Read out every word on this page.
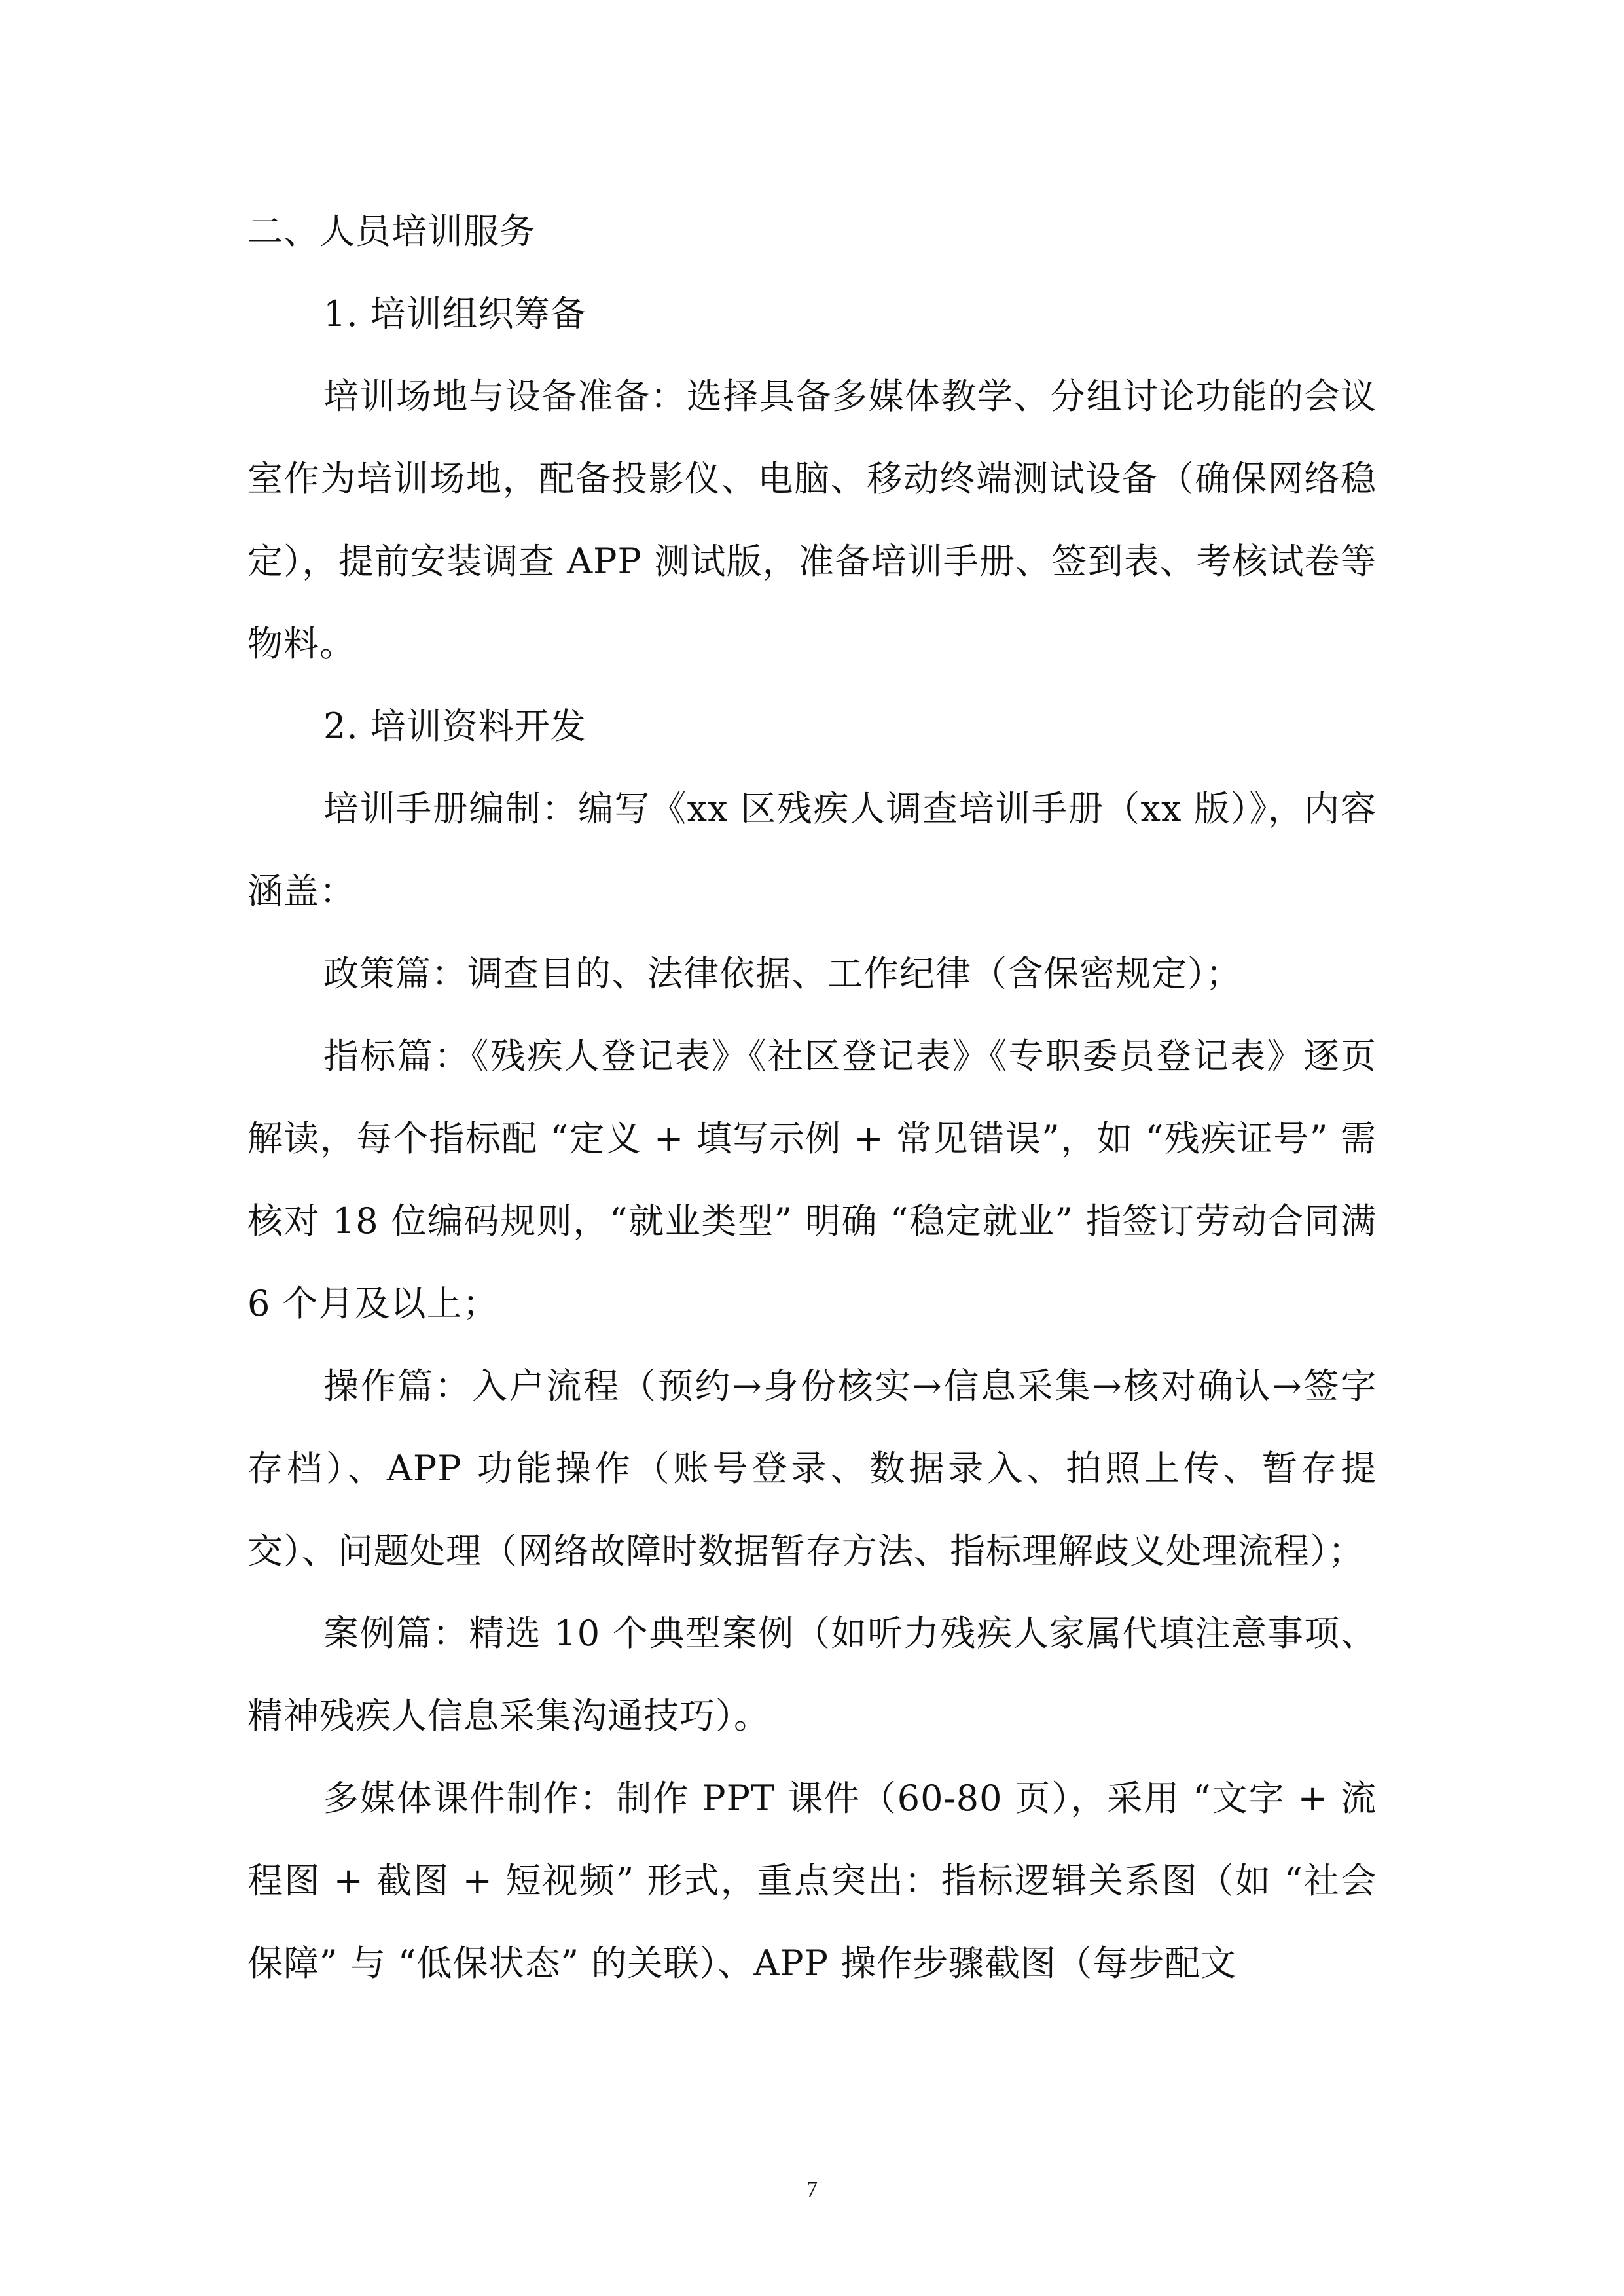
二、人员培训服务
1. 培训组织筹备

培训场地与设备准备：选择具备多媒体教学、分组讨论功能的会议室作为培训场地，配备投影仪、电脑、移动终端测试设备（确保网络稳定），提前安装调查 APP 测试版，准备培训手册、签到表、考核试卷等物料。

2. 培训资料开发

培训手册编制：编写《xx 区残疾人调查培训手册（xx 版）》，内容涵盖：

政策篇：调查目的、法律依据、工作纪律（含保密规定）；

指标篇：《残疾人登记表》《社区登记表》《专职委员登记表》逐页解读，每个指标配 “定义 + 填写示例 + 常见错误”，如 “残疾证号” 需核对 18 位编码规则，“就业类型” 明确 “稳定就业” 指签订劳动合同满 6 个月及以上；

操作篇：入户流程（预约→身份核实→信息采集→核对确认→签字存档）、APP 功能操作（账号登录、数据录入、拍照上传、暂存提交）、问题处理（网络故障时数据暂存方法、指标理解歧义处理流程）；

案例篇：精选 10 个典型案例（如听力残疾人家属代填注意事项、精神残疾人信息采集沟通技巧）。

多媒体课件制作：制作 PPT 课件（60-80 页），采用 “文字 + 流程图 + 截图 + 短视频” 形式，重点突出：指标逻辑关系图（如 “社会保障” 与 “低保状态” 的关联）、APP 操作步骤截图（每步配文

7
